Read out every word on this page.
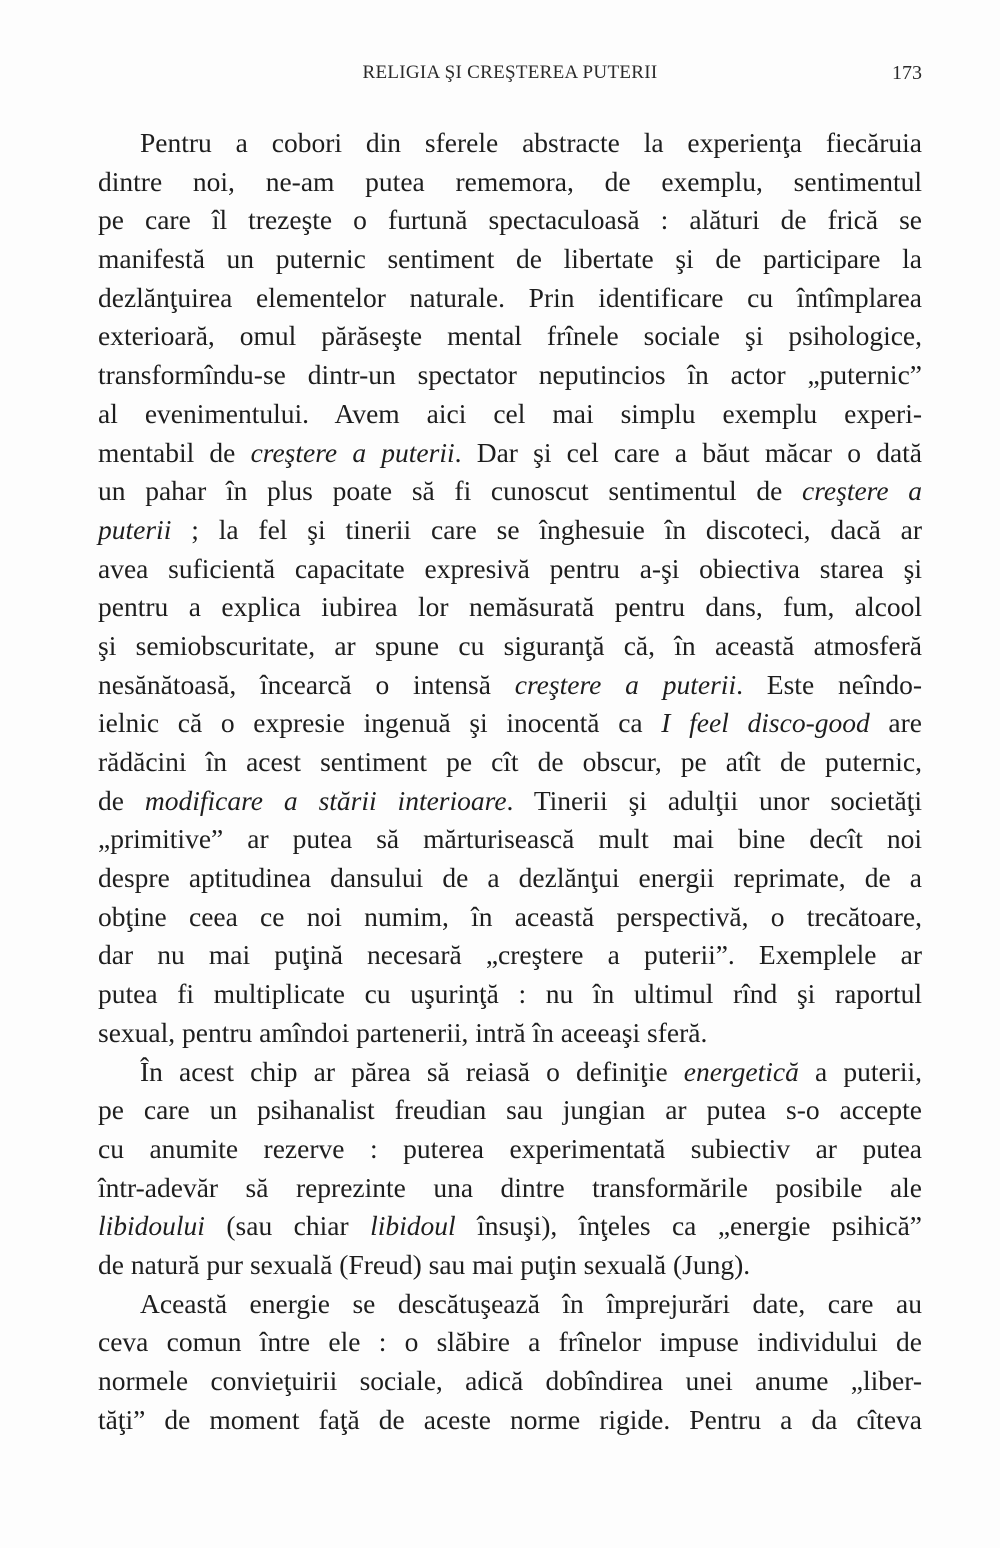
RELIGIA ŞI CREŞTEREA PUTERII	173
Pentru a cobori din sferele abstracte la experienţa fiecăruia
dintre noi, ne-am putea rememora, de exemplu, sentimentul
pe care îl trezeşte o furtună spectaculoasă : alături de frică se
manifestă un puternic sentiment de libertate şi de participare la
dezlănţuirea elementelor naturale. Prin identificare cu întîmplarea
exterioară, omul părăseşte mental frînele sociale şi psihologice,
transformîndu-se dintr-un spectator neputincios în actor „puternic”
al evenimentului. Avem aici cel mai simplu exemplu experi-
mentabil de creştere a puterii. Dar şi cel care a băut măcar o dată
un pahar în plus poate să fi cunoscut sentimentul de creştere a
puterii ; la fel şi tinerii care se înghesuie în discoteci, dacă ar
avea suficientă capacitate expresivă pentru a-şi obiectiva starea şi
pentru a explica iubirea lor nemăsurată pentru dans, fum, alcool
şi semiobscuritate, ar spune cu siguranţă că, în această atmosferă
nesănătoasă, încearcă o intensă creştere a puterii. Este neîndo-
ielnic că o expresie ingenuă şi inocentă ca I feel disco-good are
rădăcini în acest sentiment pe cît de obscur, pe atît de puternic,
de modificare a stării interioare. Tinerii şi adulţii unor societăţi
„primitive” ar putea să mărturisească mult mai bine decît noi
despre aptitudinea dansului de a dezlănţui energii reprimate, de a
obţine ceea ce noi numim, în această perspectivă, o trecătoare,
dar nu mai puţină necesară „creştere a puterii”. Exemplele ar
putea fi multiplicate cu uşurinţă : nu în ultimul rînd şi raportul
sexual, pentru amîndoi partenerii, intră în aceeaşi sferă.
În acest chip ar părea să reiasă o definiţie energetică a puterii,
pe care un psihanalist freudian sau jungian ar putea s-o accepte
cu anumite rezerve : puterea experimentată subiectiv ar putea
într-adevăr să reprezinte una dintre transformările posibile ale
libidoului (sau chiar libidoul însuşi), înţeles ca „energie psihică”
de natură pur sexuală (Freud) sau mai puţin sexuală (Jung).
Această energie se descătuşează în împrejurări date, care au
ceva comun între ele : o slăbire a frînelor impuse individului de
normele convieţuirii sociale, adică dobîndirea unei anume „liber-
tăţi” de moment faţă de aceste norme rigide. Pentru a da cîteva
